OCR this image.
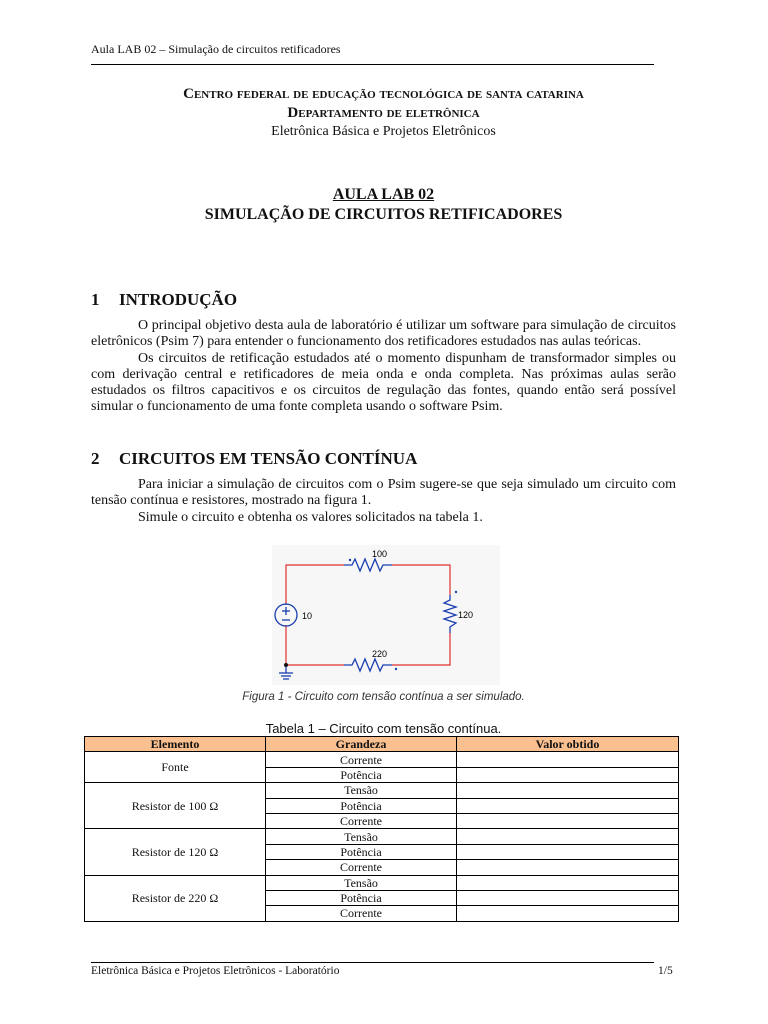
Aula LAB 02 – Simulação de circuitos retificadores
Centro federal de educação tecnológica de santa catarina
Departamento de eletrônica
Eletrônica Básica e Projetos Eletrônicos
AULA LAB 02
SIMULAÇÃO DE CIRCUITOS RETIFICADORES
1 INTRODUÇÃO

O principal objetivo desta aula de laboratório é utilizar um software para simulação de circuitos eletrônicos (Psim 7) para entender o funcionamento dos retificadores estudados nas aulas teóricas.

Os circuitos de retificação estudados até o momento dispunham de transformador simples ou com derivação central e retificadores de meia onda e onda completa. Nas próximas aulas serão estudados os filtros capacitivos e os circuitos de regulação das fontes, quando então será possível simular o funcionamento de uma fonte completa usando o software Psim.

2 CIRCUITOS EM TENSÃO CONTÍNUA

Para iniciar a simulação de circuitos com o Psim sugere-se que seja simulado um circuito com tensão contínua e resistores, mostrado na figura 1.

Simule o circuito e obtenha os valores solicitados na tabela 1.

100
120
220
10
Figura 1 - Circuito com tensão contínua a ser simulado.
Tabela 1 – Circuito com tensão contínua.
Elemento	Grandeza	Valor obtido
Fonte	Corrente	
	Potência	
Resistor de 100 Ω	Tensão	
	Potência	
	Corrente	
Resistor de 120 Ω	Tensão	
	Potência	
	Corrente	
Resistor de 220 Ω	Tensão	
	Potência	
	Corrente	
Eletrônica Básica e Projetos Eletrônicos - Laboratório	1/5
